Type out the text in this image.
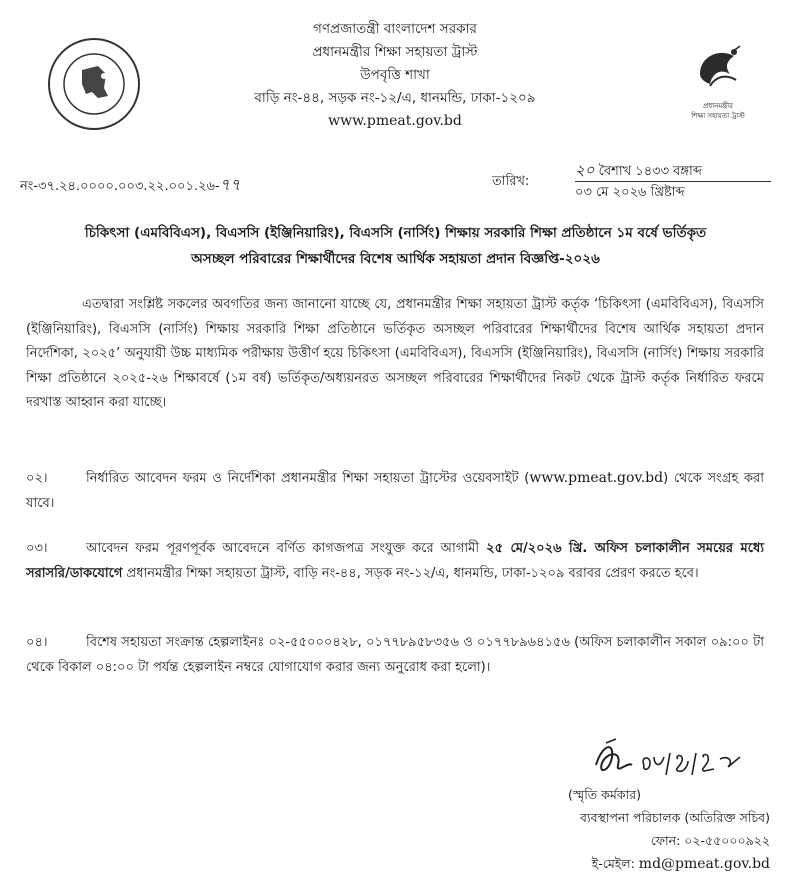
গণপ্রজাতন্ত্রী বাংলাদেশ সরকার
প্রধানমন্ত্রীর শিক্ষা সহায়তা ট্রাস্ট
উপবৃত্তি শাখা
বাড়ি নং-৪৪, সড়ক নং-১২/এ, ধানমন্ডি, ঢাকা-১২০৯
www.pmeat.gov.bd
প্রধানমন্ত্রীর
শিক্ষা সহায়তা ট্রাস্ট
নং-৩৭.২৪.০০০০.০০৩.২২.০০১.২৬-৭৭	তারিখ:
২০ বৈশাখ ১৪৩৩ বঙ্গাব্দ
০৩ মে ২০২৬ খ্রিষ্টাব্দ
চিকিৎসা (এমবিবিএস), বিএসসি (ইঞ্জিনিয়ারিং), বিএসসি (নার্সিং) শিক্ষায় সরকারি শিক্ষা প্রতিষ্ঠানে ১ম বর্ষে ভর্তিকৃত
অসচ্ছল পরিবারের শিক্ষার্থীদের বিশেষ আর্থিক সহায়তা প্রদান বিজ্ঞপ্তি-২০২৬
এতদ্বারা সংশ্লিষ্ট সকলের অবগতির জন্য জানানো যাচ্ছে যে, প্রধানমন্ত্রীর শিক্ষা সহায়তা ট্রাস্ট কর্তৃক ‘চিকিৎসা (এমবিবিএস), বিএসসি (ইঞ্জিনিয়ারিং), বিএসসি (নার্সিং) শিক্ষায় সরকারি শিক্ষা প্রতিষ্ঠানে ভর্তিকৃত অসচ্ছল পরিবারের শিক্ষার্থীদের বিশেষ আর্থিক সহায়তা প্রদান নির্দেশিকা, ২০২৫’ অনুযায়ী উচ্চ মাধ্যমিক পরীক্ষায় উত্তীর্ণ হয়ে চিকিৎসা (এমবিবিএস), বিএসসি (ইঞ্জিনিয়ারিং), বিএসসি (নার্সিং) শিক্ষায় সরকারি শিক্ষা প্রতিষ্ঠানে ২০২৫-২৬ শিক্ষাবর্ষে (১ম বর্ষ) ভর্তিকৃত/অধ্যয়নরত অসচ্ছল পরিবারের শিক্ষার্থীদের নিকট থেকে ট্রাস্ট কর্তৃক নির্ধারিত ফরমে দরখাস্ত আহ্বান করা যাচ্ছে।
০২।	নির্ধারিত আবেদন ফরম ও নির্দেশিকা প্রধানমন্ত্রীর শিক্ষা সহায়তা ট্রাস্টের ওয়েবসাইট (www.pmeat.gov.bd) থেকে সংগ্রহ করা যাবে।
০৩।	আবেদন ফরম পূরণপূর্বক আবেদনে বর্ণিত কাগজপত্র সংযুক্ত করে আগামী ২৫ মে/২০২৬ খ্রি. অফিস চলাকালীন সময়ের মধ্যে সরাসরি/ডাকযোগে প্রধানমন্ত্রীর শিক্ষা সহায়তা ট্রাস্ট, বাড়ি নং-৪৪, সড়ক নং-১২/এ, ধানমন্ডি, ঢাকা-১২০৯ বরাবর প্রেরণ করতে হবে।
০৪।	বিশেষ সহায়তা সংক্রান্ত হেল্পলাইনঃ ০২-৫৫০০০৪২৮, ০১৭৭৮৯৫৮৩৫৬ ও ০১৭৭৮৯৬৪১৫৬ (অফিস চলাকালীন সকাল ০৯:০০ টা থেকে বিকাল ০৪:০০ টা পর্যন্ত হেল্পলাইন নম্বরে যোগাযোগ করার জন্য অনুরোধ করা হলো)।
(স্মৃতি কর্মকার)
ব্যবস্থাপনা পরিচালক (অতিরিক্ত সচিব)
ফোন: ০২-৫৫০০০৯২২
ই-মেইল: md@pmeat.gov.bd
